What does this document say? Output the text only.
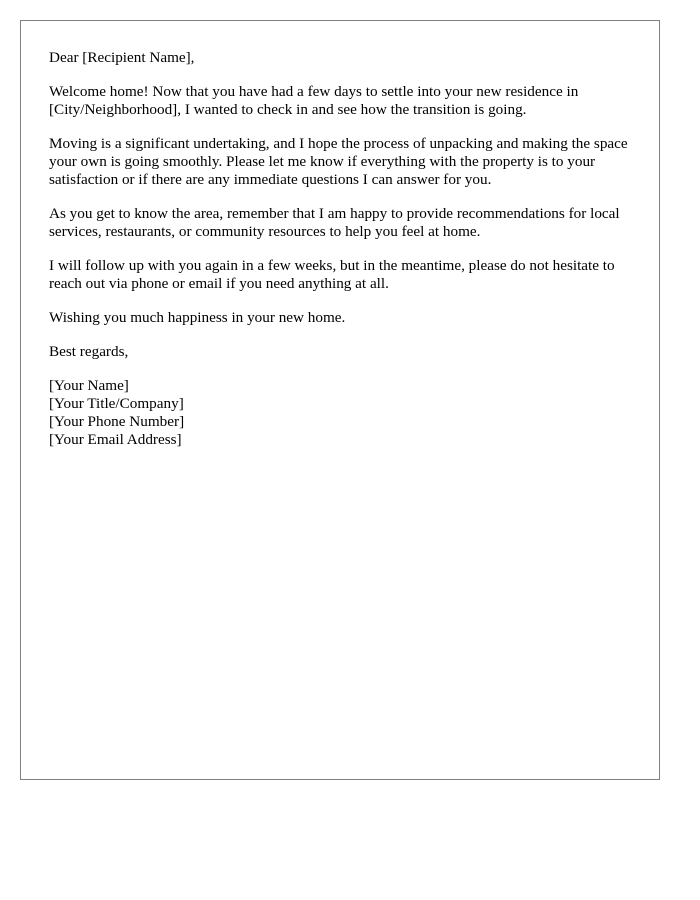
Dear [Recipient Name],

Welcome home! Now that you have had a few days to settle into your new residence in [City/Neighborhood], I wanted to check in and see how the transition is going.

Moving is a significant undertaking, and I hope the process of unpacking and making the space your own is going smoothly. Please let me know if everything with the property is to your satisfaction or if there are any immediate questions I can answer for you.

As you get to know the area, remember that I am happy to provide recommendations for local services, restaurants, or community resources to help you feel at home.

I will follow up with you again in a few weeks, but in the meantime, please do not hesitate to reach out via phone or email if you need anything at all.

Wishing you much happiness in your new home.

Best regards,

[Your Name]
[Your Title/Company]
[Your Phone Number]
[Your Email Address]
